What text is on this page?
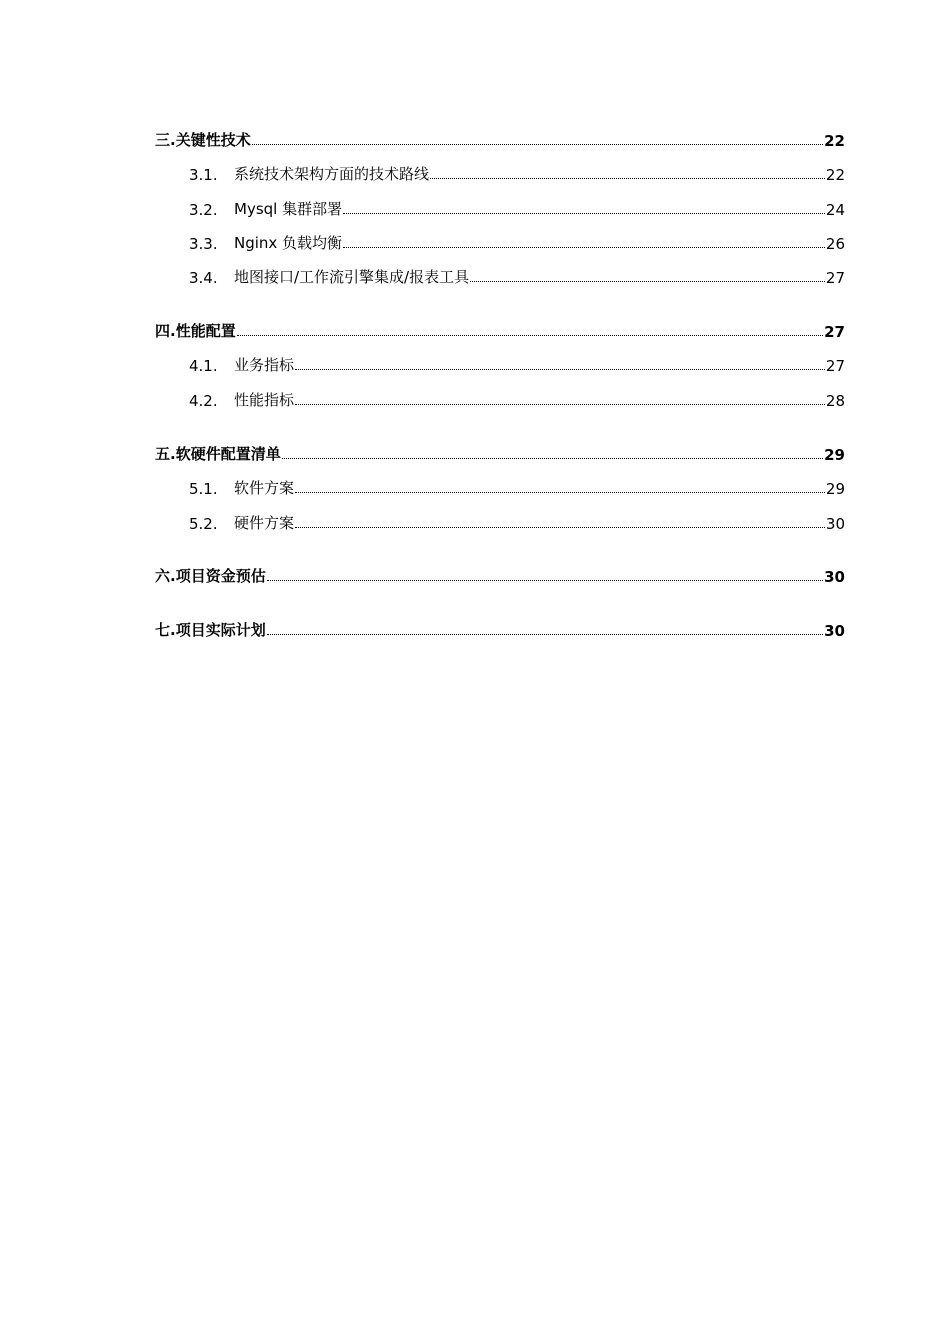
三. 关键性技术	22
3.1.	系统技术架构方面的技术路线	22
3.2.	Mysql 集群部署	24
3.3.	Nginx 负载均衡	26
3.4.	地图接口/工作流引擎集成/报表工具	27
四. 性能配置	27
4.1.	业务指标	27
4.2.	性能指标	28
五. 软硬件配置清单	29
5.1.	软件方案	29
5.2.	硬件方案	30
六. 项目资金预估	30
七. 项目实际计划	30
